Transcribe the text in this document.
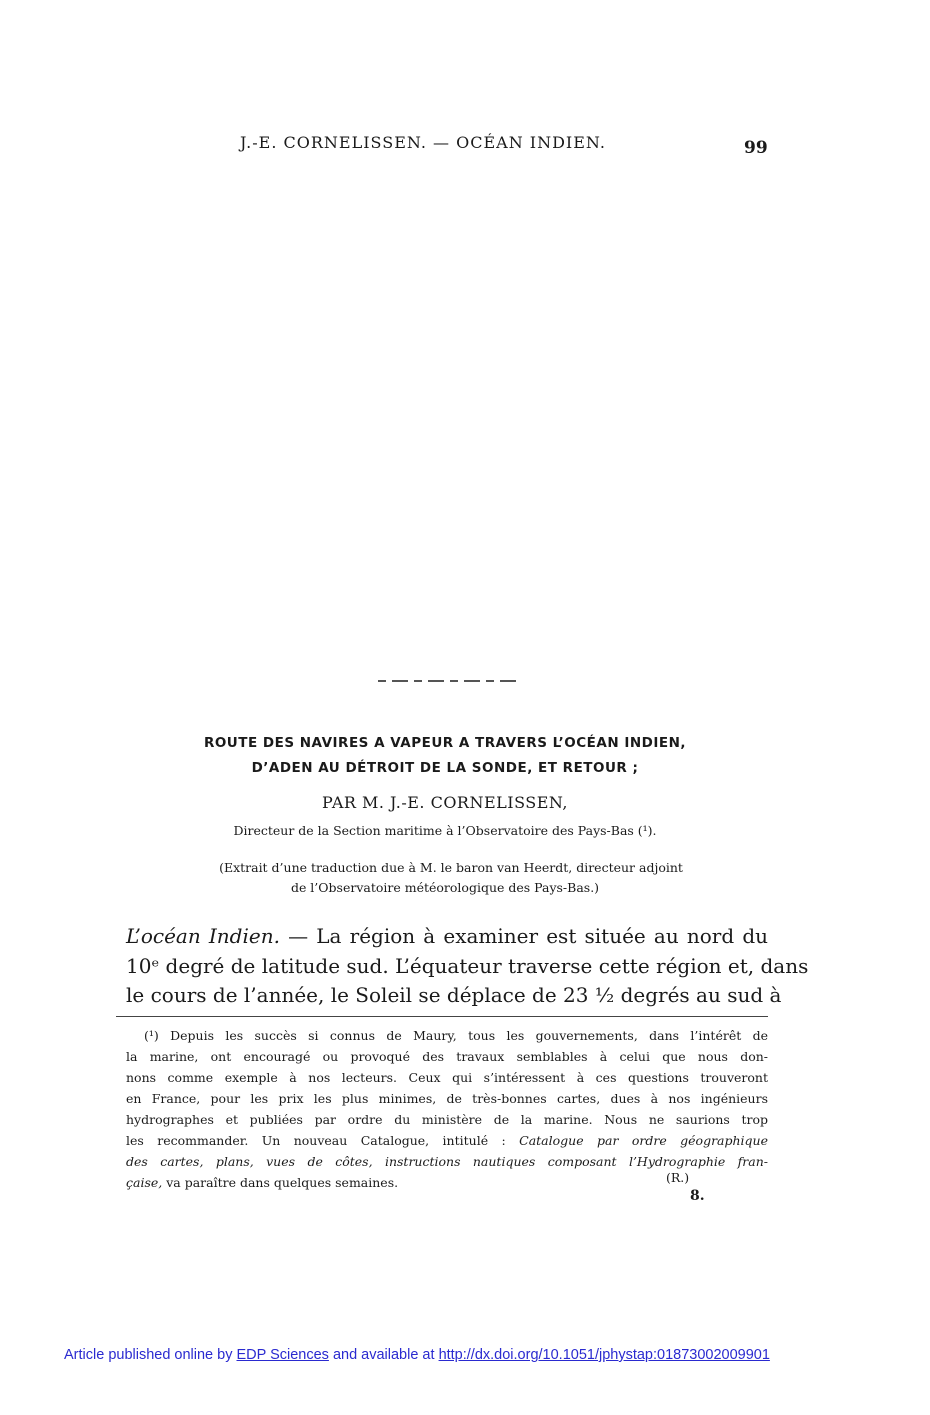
J.-E. CORNELISSEN. — OCÉAN INDIEN.	99
ROUTE DES NAVIRES A VAPEUR A TRAVERS L’OCÉAN INDIEN,
D’ADEN AU DÉTROIT DE LA SONDE, ET RETOUR ;
PAR M. J.-E. CORNELISSEN,
Directeur de la Section maritime à l’Observatoire des Pays-Bas (¹).
(Extrait d’une traduction due à M. le baron van Heerdt, directeur adjoint
de l’Observatoire météorologique des Pays-Bas.)
L’océan Indien. — La région à examiner est située au nord du
10ᵉ degré de latitude sud. L’équateur traverse cette région et, dans
le cours de l’année, le Soleil se déplace de 23 ½ degrés au sud à
(¹) Depuis les succès si connus de Maury, tous les gouvernements, dans l’intérêt de
la marine, ont encouragé ou provoqué des travaux semblables à celui que nous don-
nons comme exemple à nos lecteurs. Ceux qui s’intéressent à ces questions trouveront
en France, pour les prix les plus minimes, de très-bonnes cartes, dues à nos ingénieurs
hydrographes et publiées par ordre du ministère de la marine. Nous ne saurions trop
les recommander. Un nouveau Catalogue, intitulé : Catalogue par ordre géographique
des cartes, plans, vues de côtes, instructions nautiques composant l’Hydrographie fran-
çaise, va paraître dans quelques semaines.	(R.)
8.
Article published online by EDP Sciences and available at http://dx.doi.org/10.1051/jphystap:01873002009901
